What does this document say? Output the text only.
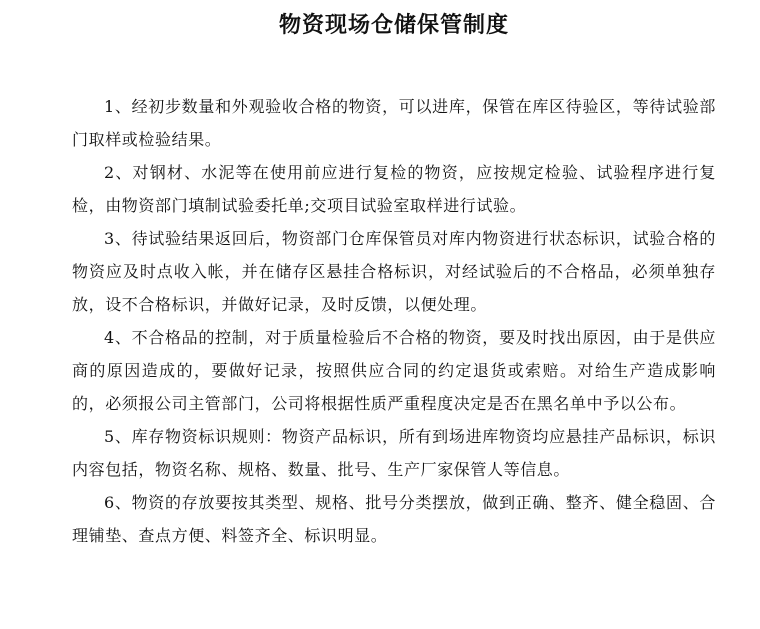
物资现场仓储保管制度

1、经初步数量和外观验收合格的物资，可以进库，保管在库区待验区，等待试验部门取样或检验结果。

2、对钢材、水泥等在使用前应进行复检的物资，应按规定检验、试验程序进行复检，由物资部门填制试验委托单;交项目试验室取样进行试验。

3、待试验结果返回后，物资部门仓库保管员对库内物资进行状态标识，试验合格的物资应及时点收入帐，并在储存区悬挂合格标识，对经试验后的不合格品，必须单独存放，设不合格标识，并做好记录，及时反馈，以便处理。

4、不合格品的控制，对于质量检验后不合格的物资，要及时找出原因，由于是供应商的原因造成的，要做好记录，按照供应合同的约定退货或索赔。对给生产造成影响的，必须报公司主管部门，公司将根据性质严重程度决定是否在黑名单中予以公布。

5、库存物资标识规则：物资产品标识，所有到场进库物资均应悬挂产品标识，标识内容包括，物资名称、规格、数量、批号、生产厂家保管人等信息。

6、物资的存放要按其类型、规格、批号分类摆放，做到正确、整齐、健全稳固、合理铺垫、查点方便、料签齐全、标识明显。
